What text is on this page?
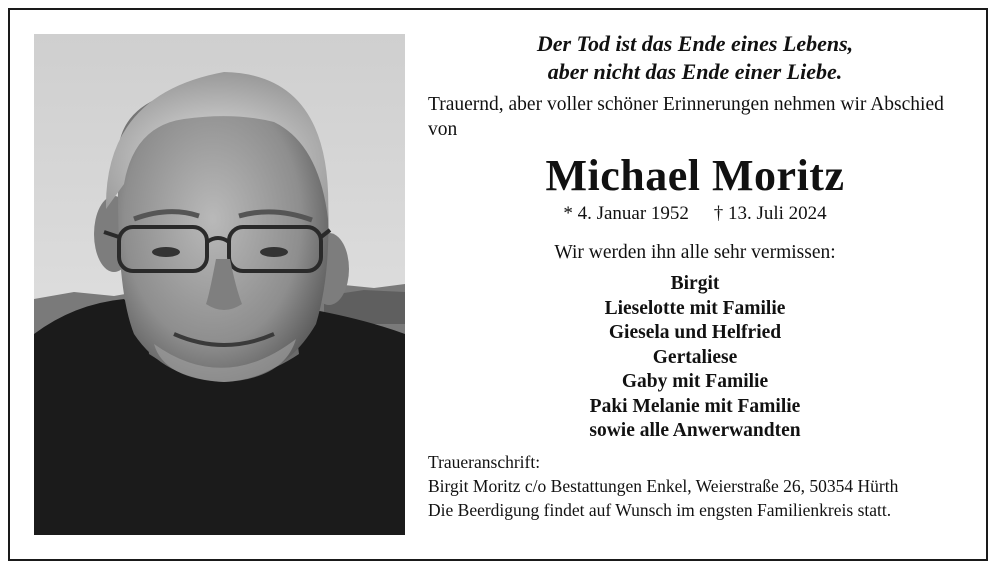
Der Tod ist das Ende eines Lebens,
aber nicht das Ende einer Liebe.

Trauernd, aber voller schöner Erinnerungen nehmen wir Abschied von

Michael Moritz

* 4. Januar 1952 † 13. Juli 2024

Wir werden ihn alle sehr vermissen:

Birgit
Lieselotte mit Familie
Giesela und Helfried
Gertaliese
Gaby mit Familie
Paki Melanie mit Familie
sowie alle Anwerwandten
Traueranschrift:
Birgit Moritz c/o Bestattungen Enkel, Weierstraße 26, 50354 Hürth
Die Beerdigung findet auf Wunsch im engsten Familienkreis statt.
